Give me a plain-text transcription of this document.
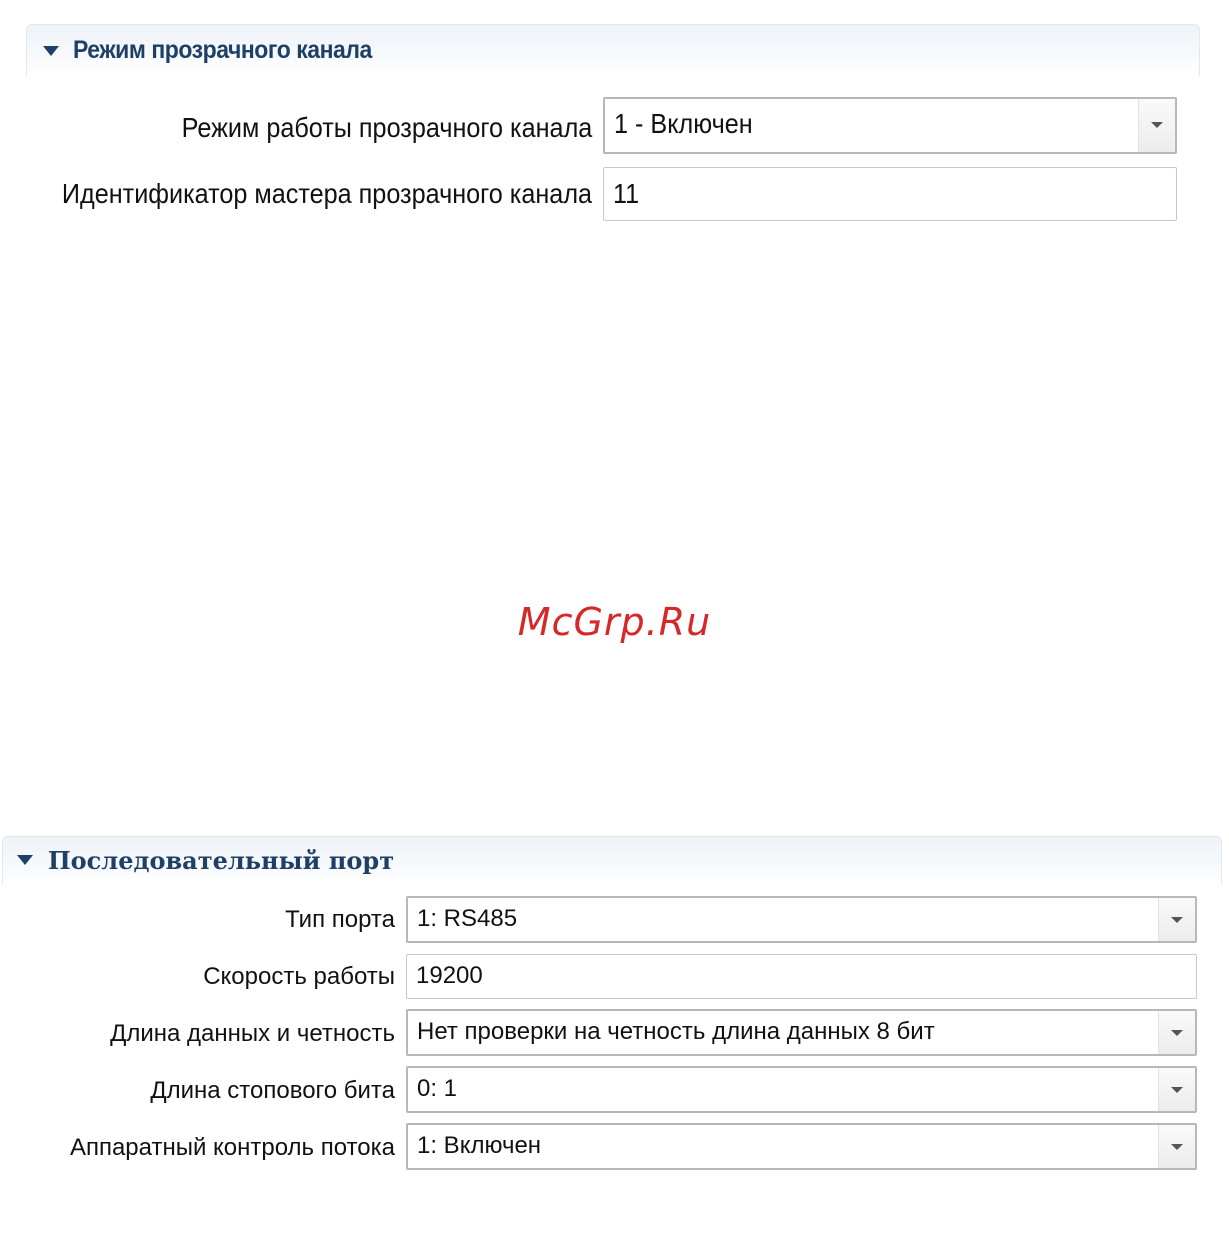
Режим прозрачного канала
Режим работы прозрачного канала 1 - Включен
Идентификатор мастера прозрачного канала 11
McGrp.Ru
Последовательный порт
Тип порта 1: RS485
Скорость работы 19200
Длина данных и четность Нет проверки на четность длина данных 8 бит
Длина стопового бита 0: 1
Аппаратный контроль потока 1: Включен
